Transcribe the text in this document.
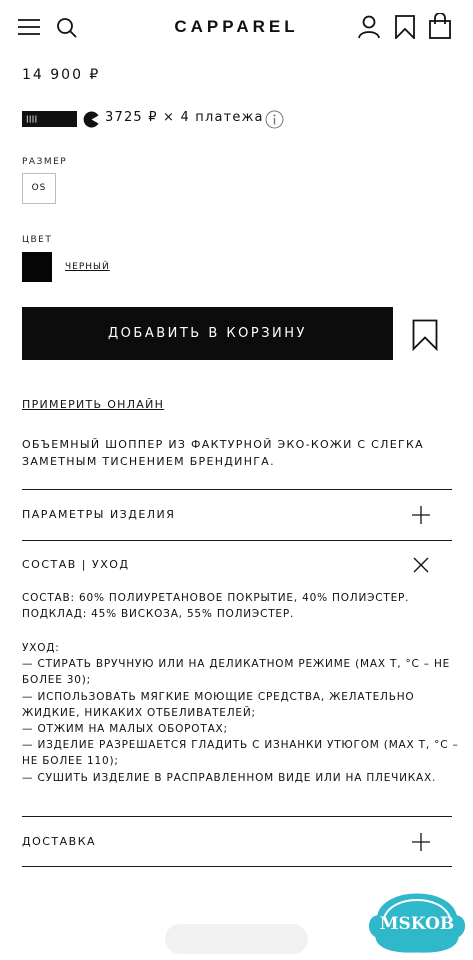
CAPPAREL
14 900 ₽
|||| ДОЛЯМИ
3725 ₽ × 4 платежа
РАЗМЕР
OS
ЦВЕТ
ЧЕРНЫЙ
ДОБАВИТЬ В КОРЗИНУ
ПРИМЕРИТЬ ОНЛАЙН
ОБЪЕМНЫЙ ШОППЕР ИЗ ФАКТУРНОЙ ЭКО-КОЖИ С СЛЕГКА ЗАМЕТНЫМ ТИСНЕНИЕМ БРЕНДИНГА.
ПАРАМЕТРЫ ИЗДЕЛИЯ
СОСТАВ | УХОД
СОСТАВ: 60% ПОЛИУРЕТАНОВОЕ ПОКРЫТИЕ, 40% ПОЛИЭСТЕР. ПОДКЛАД: 45% ВИСКОЗА, 55% ПОЛИЭСТЕР.
УХОД:
— СТИРАТЬ ВРУЧНУЮ ИЛИ НА ДЕЛИКАТНОМ РЕЖИМЕ (MAX T, °C – НЕ БОЛЕЕ 30);
— ИСПОЛЬЗОВАТЬ МЯГКИЕ МОЮЩИЕ СРЕДСТВА, ЖЕЛАТЕЛЬНО ЖИДКИЕ, НИКАКИХ ОТБЕЛИВАТЕЛЕЙ;
— ОТЖИМ НА МАЛЫХ ОБОРОТАХ;
— ИЗДЕЛИЕ РАЗРЕШАЕТСЯ ГЛАДИТЬ С ИЗНАНКИ УТЮГОМ (MAX T, °C – НЕ БОЛЕЕ 110);
— СУШИТЬ ИЗДЕЛИЕ В РАСПРАВЛЕННОМ ВИДЕ ИЛИ НА ПЛЕЧИКАХ.
ДОСТАВКА
MSKOB
